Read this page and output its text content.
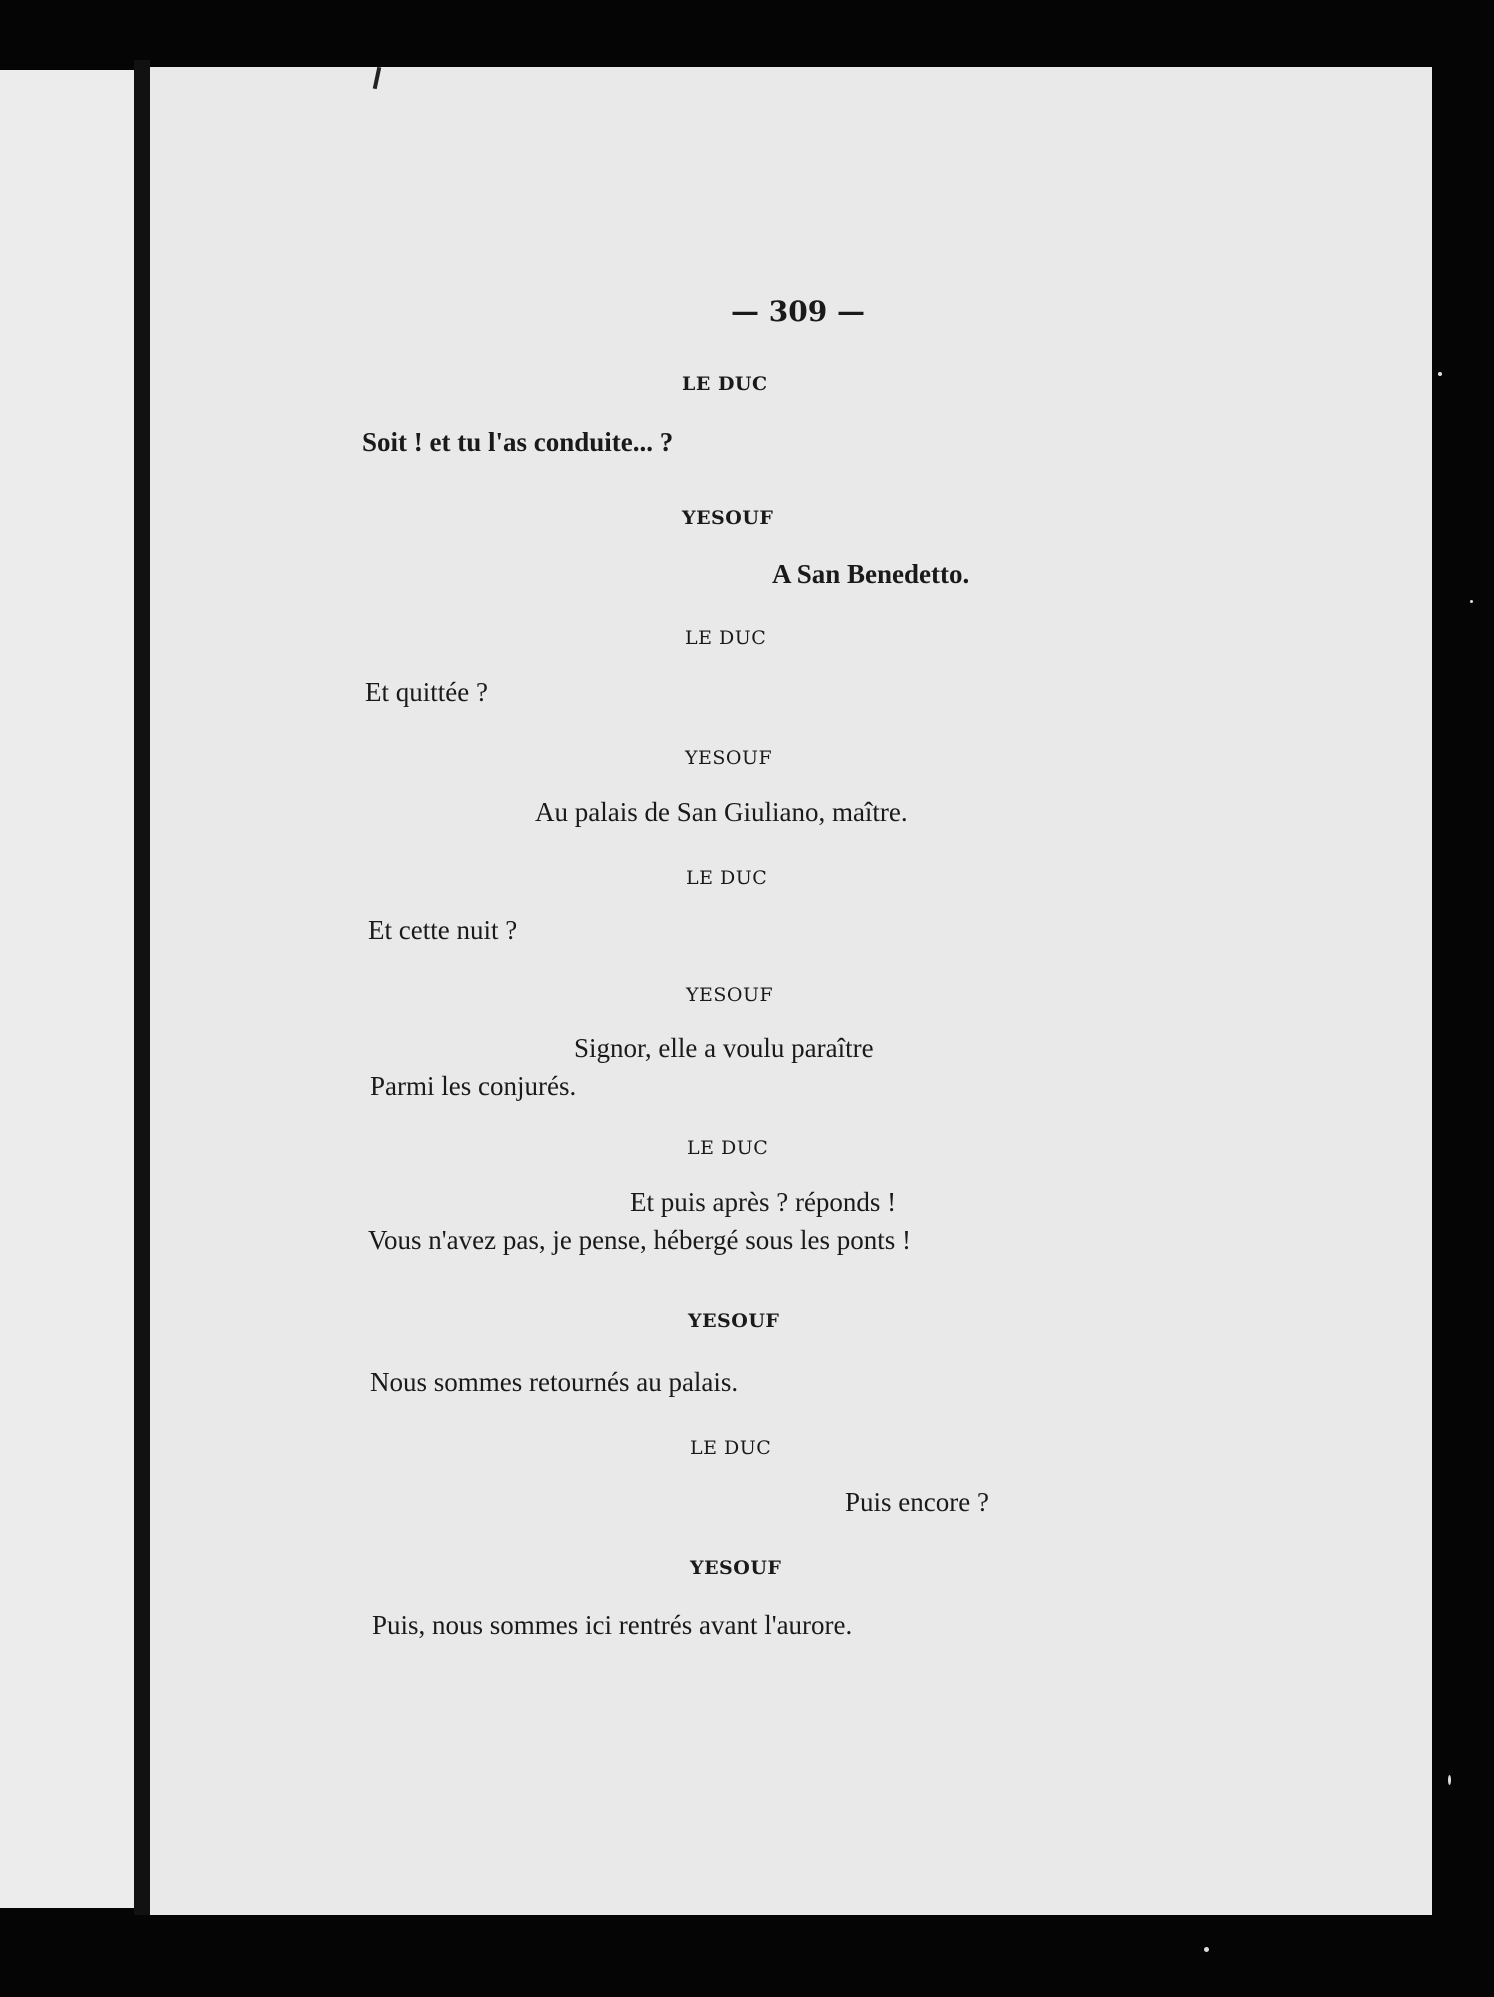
— 309 —
LE DUC
Soit ! et tu l'as conduite... ?
YESOUF
A San Benedetto.
LE DUC
Et quittée ?
YESOUF
Au palais de San Giuliano, maître.
LE DUC
Et cette nuit ?
YESOUF
Signor, elle a voulu paraître
Parmi les conjurés.
LE DUC
Et puis après ? réponds !
Vous n'avez pas, je pense, hébergé sous les ponts !
YESOUF
Nous sommes retournés au palais.
LE DUC
Puis encore ?
YESOUF
Puis, nous sommes ici rentrés avant l'aurore.
